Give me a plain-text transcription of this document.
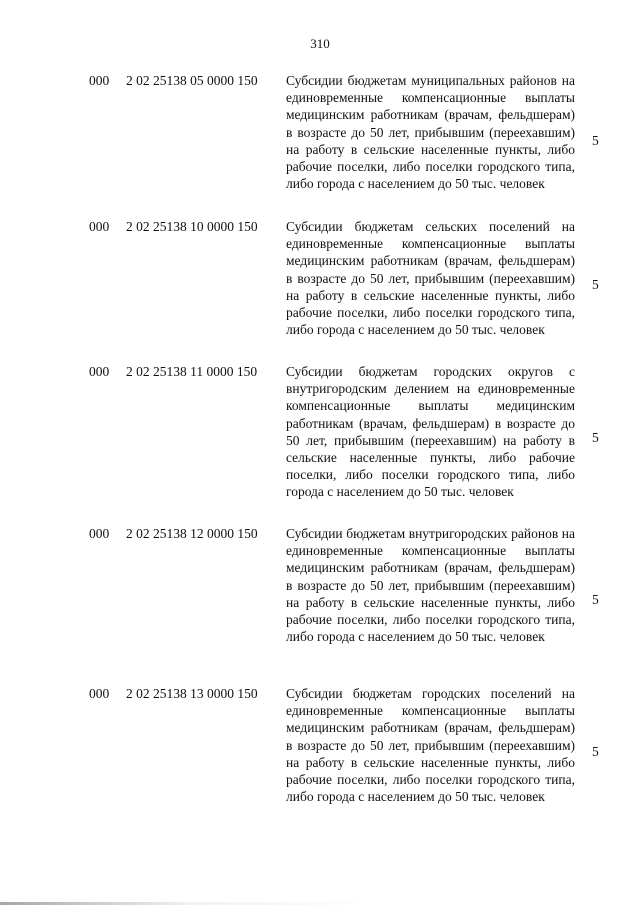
310
000 2 02 25138 05 0000 150 Субсидии бюджетам муниципальных районов на единовременные компенсационные выплаты медицинским работникам (врачам, фельдшерам) в возрасте до 50 лет, прибывшим (переехавшим) на работу в сельские населенные пункты, либо рабочие поселки, либо поселки городского типа, либо города с населением до 50 тыс. человек
5
000 2 02 25138 10 0000 150 Субсидии бюджетам сельских поселений на единовременные компенсационные выплаты медицинским работникам (врачам, фельдшерам) в возрасте до 50 лет, прибывшим (переехавшим) на работу в сельские населенные пункты, либо рабочие поселки, либо поселки городского типа, либо города с населением до 50 тыс. человек
5
000 2 02 25138 11 0000 150 Субсидии бюджетам городских округов с внутригородским делением на единовременные компенсационные выплаты медицинским работникам (врачам, фельдшерам) в возрасте до 50 лет, прибывшим (переехавшим) на работу в сельские населенные пункты, либо рабочие поселки, либо поселки городского типа, либо города с населением до 50 тыс. человек
5
000 2 02 25138 12 0000 150 Субсидии бюджетам внутригородских районов на единовременные компенсационные выплаты медицинским работникам (врачам, фельдшерам) в возрасте до 50 лет, прибывшим (переехавшим) на работу в сельские населенные пункты, либо рабочие поселки, либо поселки городского типа, либо города с населением до 50 тыс. человек
5
000 2 02 25138 13 0000 150 Субсидии бюджетам городских поселений на единовременные компенсационные выплаты медицинским работникам (врачам, фельдшерам) в возрасте до 50 лет, прибывшим (переехавшим) на работу в сельские населенные пункты, либо рабочие поселки, либо поселки городского типа, либо города с населением до 50 тыс. человек
5
